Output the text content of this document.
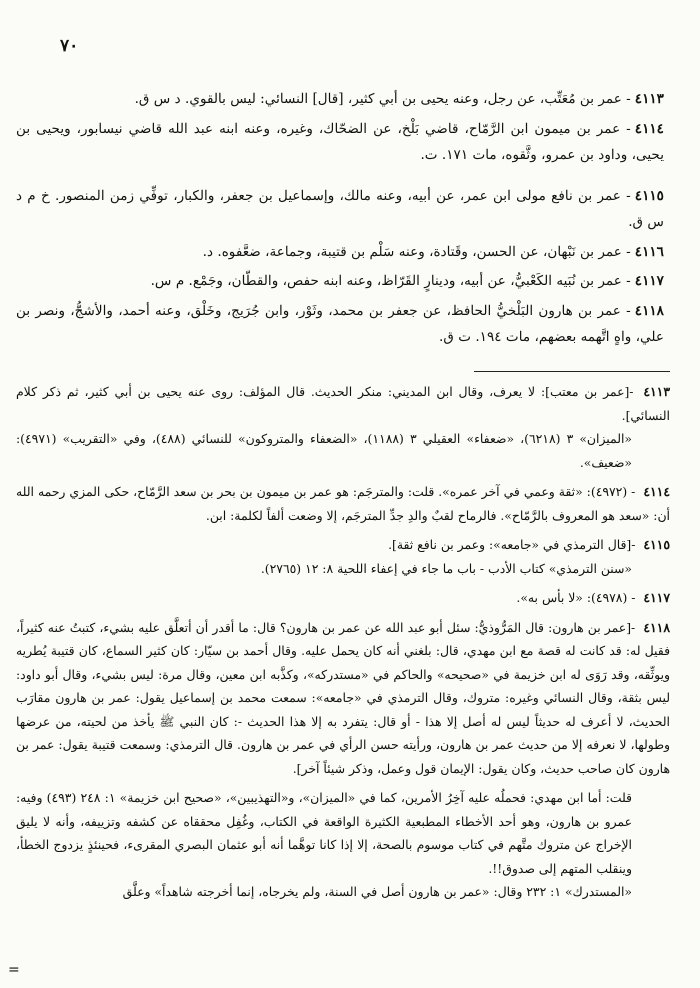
٧٠

٤١١٣- عمر بن مُعَتِّب، عن رجل، وعنه يحيى بن أبي كثير، [قال] النسائي: ليس بالقوي. د س ق.

٤١١٤- عمر بن ميمون ابن الرَّمّاح، قاضي بَلْخ، عن الضحّاك، وغيره، وعنه ابنه عبد الله قاضي نيسابور، ويحيى بن يحيى، وداود بن عمرو، وثَّقوه، مات ١٧١. ت.

٤١١٥- عمر بن نافع مولى ابن عمر، عن أبيه، وعنه مالك، وإسماعيل بن جعفر، والكبار، توفِّي زمن المنصور. خ م د س ق.

٤١١٦- عمر بن نَبْهان، عن الحسن، وقَتادة، وعنه سَلْم بن قتيبة، وجماعة، ضعَّفوه. د.

٤١١٧- عمر بن نُبَيه الكَعْبيُّ، عن أبيه، ودينارٍ القَرّاظ، وعنه ابنه حفص، والقطّان، وجَمْع. م س.

٤١١٨- عمر بن هارون البَلْخيُّ الحافظ، عن جعفر بن محمد، وثَوْر، وابن جُرَيج، وخَلْق، وعنه أحمد، والأشجُّ، ونصر بن علي، واهٍ اتَّهمه بعضهم، مات ١٩٤. ت ق.

٤١١٣ -[عمر بن معتب]: لا يعرف، وقال ابن المديني: منكر الحديث. قال المؤلف: روى عنه يحيى بن أبي كثير، ثم ذكر كلام النسائي].

«الميزان» ٣ (٦٢١٨)، «ضعفاء» العقيلي ٣ (١١٨٨)، «الضعفاء والمتروكون» للنسائي (٤٨٨)، وفي «التقريب» (٤٩٧١): «ضعيف».

٤١١٤ - (٤٩٧٢): «ثقة وعمي في آخر عمره». قلت: والمترجَم: هو عمر بن ميمون بن بحر بن سعد الرَّمّاح، حكى المزي رحمه الله أن: «سعد هو المعروف بالرَّمّاح». فالرماح لقبٌ والدِ جدِّ المترجَم، إلا وضعت ألفاً لكلمة: ابن.

٤١١٥ -[قال الترمذي في «جامعه»: وعمر بن نافع ثقة].

«سنن الترمذي» كتاب الأدب - باب ما جاء في إعفاء اللحية ٨: ١٢ (٢٧٦٥).

٤١١٧ - (٤٩٧٨): «لا بأس به».

٤١١٨ -[عمر بن هارون: قال المَرُّوذيُّ: سئل أبو عبد الله عن عمر بن هارون؟ قال: ما أقدر أن أتعلَّق عليه بشيء، كتبتُ عنه كثيراً، فقيل له: قد كانت له قصة مع ابن مهدي، قال: بلغني أنه كان يحمل عليه. وقال أحمد بن سيّار: كان كثير السماع، كان قتيبة يُطريه ويوثِّقه، وقد رَوَى له ابن خزيمة في «صحيحه» والحاكم في «مستدركه»، وكذَّبه ابن معين، وقال مرة: ليس بشيء، وقال أبو داود: ليس بثقة، وقال النسائي وغيره: متروك، وقال الترمذي في «جامعه»: سمعت محمد بن إسماعيل يقول: عمر بن هارون مقارَب الحديث، لا أعرف له حديثاً ليس له أصل إلا هذا - أو قال: يتفرد به إلا هذا الحديث -: كان النبي ﷺ يأخذ من لحيته، من عرضها وطولها، لا نعرفه إلا من حديث عمر بن هارون، ورأيته حسن الرأي في عمر بن هارون. قال الترمذي: وسمعت قتيبة يقول: عمر بن هارون كان صاحب حديث، وكان يقول: الإيمان قول وعمل، وذكر شيئاً آخر].

قلت: أما ابن مهدي: فحملُه عليه آخِرُ الأمرين، كما في «الميزان»، و«التهذيبين»، «صحيح ابن خزيمة» ١: ٢٤٨ (٤٩٣) وفيه: عمرو بن هارون، وهو أحد الأخطاء المطبعية الكثيرة الواقعة في الكتاب، وغُفِل محققاه عن كشفه وتزييفه، وأنه لا يليق الإخراج عن متروك متَّهم في كتاب موسوم بالصحة، إلا إذا كانا توهَّما أنه أبو عثمان البصري المقرىء، فحينئذٍ يزدوج الخطأ، وينقلب المتهم إلى صدوق!!.

«المستدرك» ١: ٢٣٢ وقال: «عمر بن هارون أصل في السنة، ولم يخرجاه، إنما أخرجته شاهداً» وعلَّق

=
